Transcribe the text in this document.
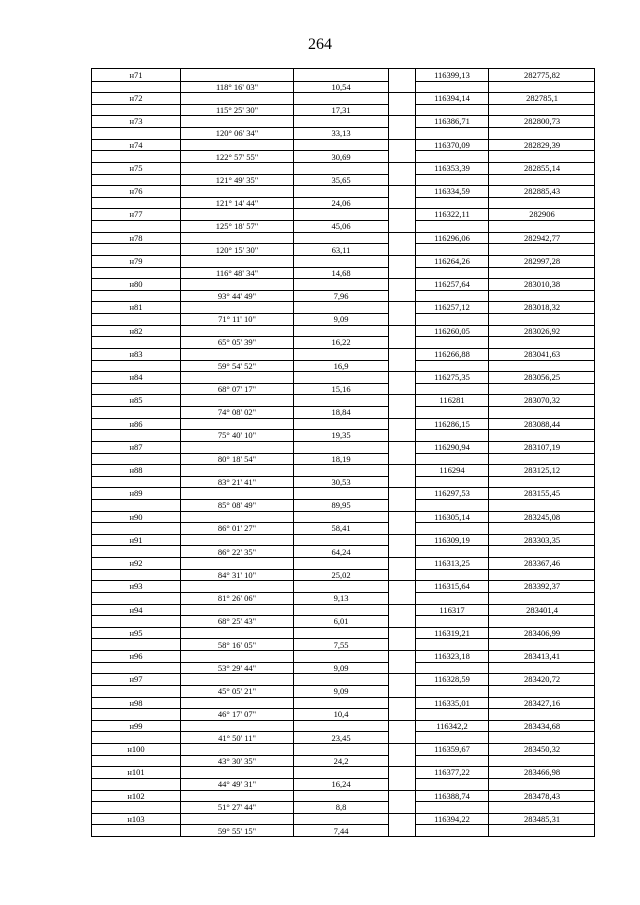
264
н71	116399,13	282775,82
118° 16' 03"	10,54
н72	116394,14	282785,1
115° 25' 30"	17,31
н73	116386,71	282800,73
120° 06' 34"	33,13
н74	116370,09	282829,39
122° 57' 55"	30,69
н75	116353,39	282855,14
121° 49' 35"	35,65
н76	116334,59	282885,43
121° 14' 44"	24,06
н77	116322,11	282906
125° 18' 57"	45,06
н78	116296,06	282942,77
120° 15' 30"	63,11
н79	116264,26	282997,28
116° 48' 34"	14,68
н80	116257,64	283010,38
93° 44' 49"	7,96
н81	116257,12	283018,32
71° 11' 10"	9,09
н82	116260,05	283026,92
65° 05' 39"	16,22
н83	116266,88	283041,63
59° 54' 52"	16,9
н84	116275,35	283056,25
68° 07' 17"	15,16
н85	116281	283070,32
74° 08' 02"	18,84
н86	116286,15	283088,44
75° 40' 10"	19,35
н87	116290,94	283107,19
80° 18' 54"	18,19
н88	116294	283125,12
83° 21' 41"	30,53
н89	116297,53	283155,45
85° 08' 49"	89,95
н90	116305,14	283245,08
86° 01' 27"	58,41
н91	116309,19	283303,35
86° 22' 35"	64,24
н92	116313,25	283367,46
84° 31' 10"	25,02
н93	116315,64	283392,37
81° 26' 06"	9,13
н94	116317	283401,4
68° 25' 43"	6,01
н95	116319,21	283406,99
58° 16' 05"	7,55
н96	116323,18	283413,41
53° 29' 44"	9,09
н97	116328,59	283420,72
45° 05' 21"	9,09
н98	116335,01	283427,16
46° 17' 07"	10,4
н99	116342,2	283434,68
41° 50' 11"	23,45
н100	116359,67	283450,32
43° 30' 35"	24,2
н101	116377,22	283466,98
44° 49' 31"	16,24
н102	116388,74	283478,43
51° 27' 44"	8,8
н103	116394,22	283485,31
59° 55' 15"	7,44
